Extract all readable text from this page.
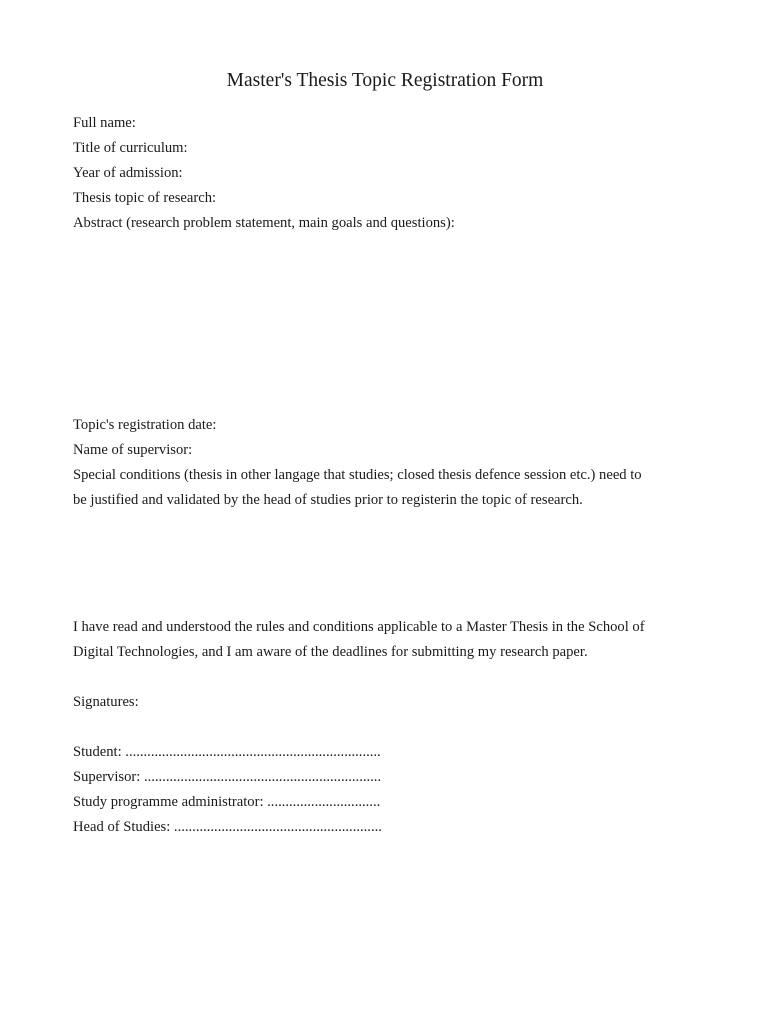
Master's Thesis Topic Registration Form

Full name:

Title of curriculum:

Year of admission:

Thesis topic of research:

Abstract (research problem statement, main goals and questions):

Topic's registration date:

Name of supervisor:

Special conditions (thesis in other langage that studies; closed thesis defence session etc.) need to

be justified and validated by the head of studies prior to registerin the topic of research.

I have read and understood the rules and conditions applicable to a Master Thesis in the School of

Digital Technologies, and I am aware of the deadlines for submitting my research paper.

Signatures:

Student: ......................................................................

Supervisor: .................................................................

Study programme administrator: ...............................

Head of Studies: .........................................................
